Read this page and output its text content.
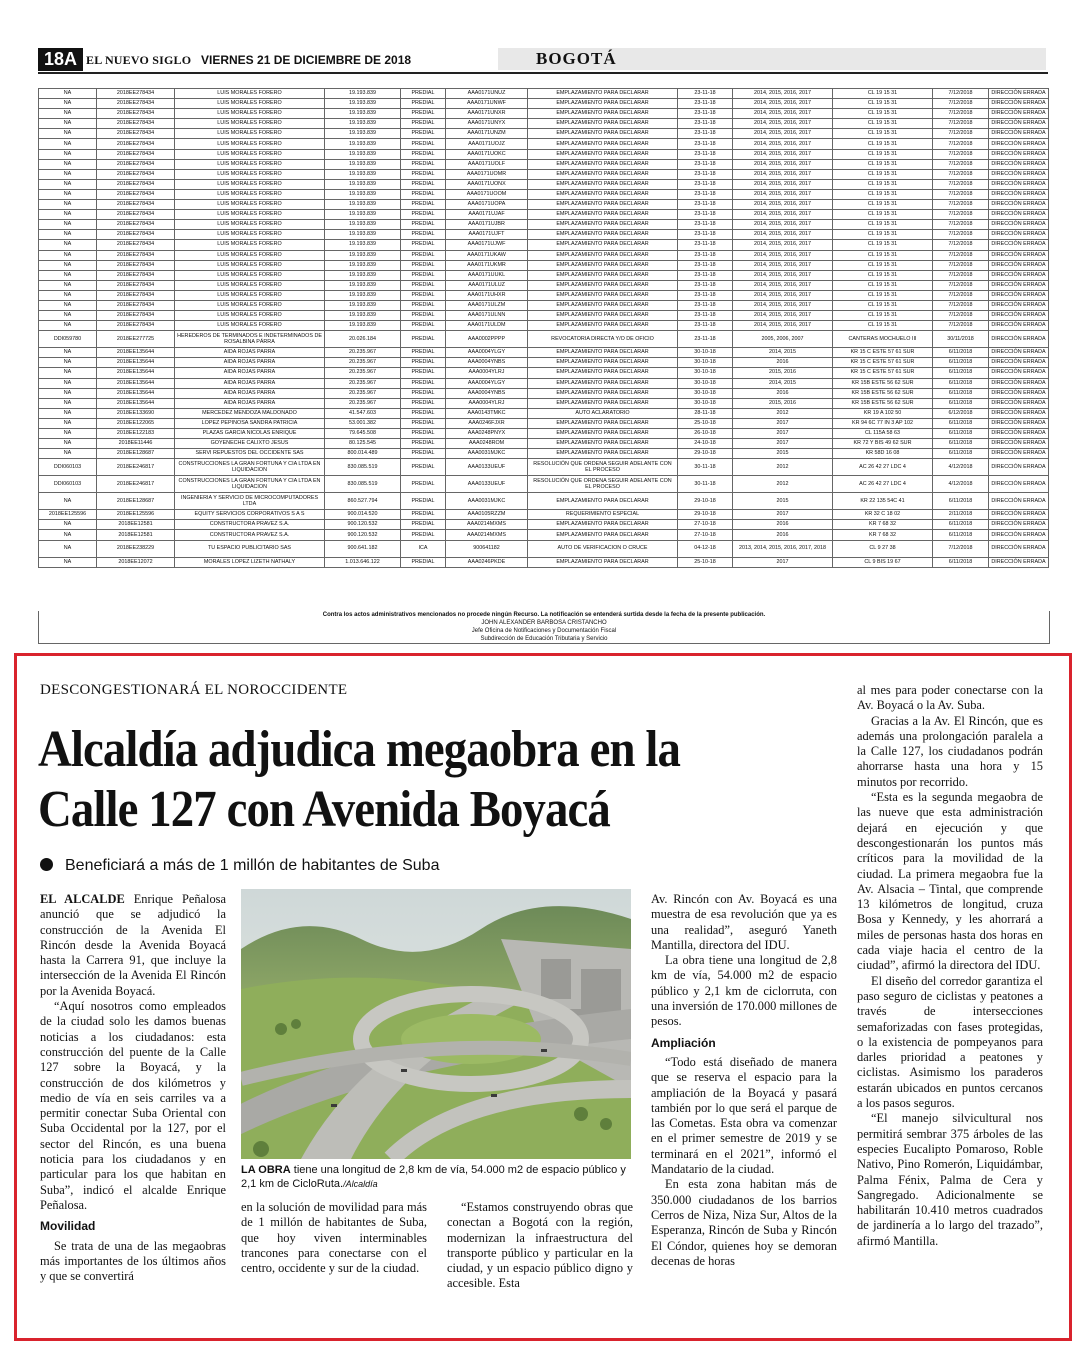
18A EL NUEVO SIGLO VIERNES 21 DE DICIEMBRE DE 2018	BOGOTÁ
NA	2018EE278434	LUIS MORALES FORERO	19.193.839	PREDIAL	AAA0171UNUZ	EMPLAZAMIENTO PARA DECLARAR	23-11-18	2014, 2015, 2016, 2017	CL 19 15 31	7/12/2018	DIRECCIÓN ERRADA
NA	2018EE278434	LUIS MORALES FORERO	19.193.839	PREDIAL	AAA0171UNWF	EMPLAZAMIENTO PARA DECLARAR	23-11-18	2014, 2015, 2016, 2017	CL 19 15 31	7/12/2018	DIRECCIÓN ERRADA
NA	2018EE278434	LUIS MORALES FORERO	19.193.839	PREDIAL	AAA0171UNXR	EMPLAZAMIENTO PARA DECLARAR	23-11-18	2014, 2015, 2016, 2017	CL 19 15 31	7/12/2018	DIRECCIÓN ERRADA
NA	2018EE278434	LUIS MORALES FORERO	19.193.839	PREDIAL	AAA0171UNYX	EMPLAZAMIENTO PARA DECLARAR	23-11-18	2014, 2015, 2016, 2017	CL 19 15 31	7/12/2018	DIRECCIÓN ERRADA
NA	2018EE278434	LUIS MORALES FORERO	19.193.839	PREDIAL	AAA0171UNZM	EMPLAZAMIENTO PARA DECLARAR	23-11-18	2014, 2015, 2016, 2017	CL 19 15 31	7/12/2018	DIRECCIÓN ERRADA
NA	2018EE278434	LUIS MORALES FORERO	19.193.839	PREDIAL	AAA0171UOJZ	EMPLAZAMIENTO PARA DECLARAR	23-11-18	2014, 2015, 2016, 2017	CL 19 15 31	7/12/2018	DIRECCIÓN ERRADA
NA	2018EE278434	LUIS MORALES FORERO	19.193.839	PREDIAL	AAA0171UOKC	EMPLAZAMIENTO PARA DECLARAR	23-11-18	2014, 2015, 2016, 2017	CL 19 15 31	7/12/2018	DIRECCIÓN ERRADA
NA	2018EE278434	LUIS MORALES FORERO	19.193.839	PREDIAL	AAA0171UOLF	EMPLAZAMIENTO PARA DECLARAR	23-11-18	2014, 2015, 2016, 2017	CL 19 15 31	7/12/2018	DIRECCIÓN ERRADA
NA	2018EE278434	LUIS MORALES FORERO	19.193.839	PREDIAL	AAA0171UOMR	EMPLAZAMIENTO PARA DECLARAR	23-11-18	2014, 2015, 2016, 2017	CL 19 15 31	7/12/2018	DIRECCIÓN ERRADA
NA	2018EE278434	LUIS MORALES FORERO	19.193.839	PREDIAL	AAA0171UONX	EMPLAZAMIENTO PARA DECLARAR	23-11-18	2014, 2015, 2016, 2017	CL 19 15 31	7/12/2018	DIRECCIÓN ERRADA
NA	2018EE278434	LUIS MORALES FORERO	19.193.839	PREDIAL	AAA0171UOOM	EMPLAZAMIENTO PARA DECLARAR	23-11-18	2014, 2015, 2016, 2017	CL 19 15 31	7/12/2018	DIRECCIÓN ERRADA
NA	2018EE278434	LUIS MORALES FORERO	19.193.839	PREDIAL	AAA0171UOPA	EMPLAZAMIENTO PARA DECLARAR	23-11-18	2014, 2015, 2016, 2017	CL 19 15 31	7/12/2018	DIRECCIÓN ERRADA
NA	2018EE278434	LUIS MORALES FORERO	19.193.839	PREDIAL	AAA0171UJAF	EMPLAZAMIENTO PARA DECLARAR	23-11-18	2014, 2015, 2016, 2017	CL 19 15 31	7/12/2018	DIRECCIÓN ERRADA
NA	2018EE278434	LUIS MORALES FORERO	19.193.839	PREDIAL	AAA0171UJBR	EMPLAZAMIENTO PARA DECLARAR	23-11-18	2014, 2015, 2016, 2017	CL 19 15 31	7/12/2018	DIRECCIÓN ERRADA
NA	2018EE278434	LUIS MORALES FORERO	19.193.839	PREDIAL	AAA0171UJFT	EMPLAZAMIENTO PARA DECLARAR	23-11-18	2014, 2015, 2016, 2017	CL 19 15 31	7/12/2018	DIRECCIÓN ERRADA
NA	2018EE278434	LUIS MORALES FORERO	19.193.839	PREDIAL	AAA0171UJWF	EMPLAZAMIENTO PARA DECLARAR	23-11-18	2014, 2015, 2016, 2017	CL 19 15 31	7/12/2018	DIRECCIÓN ERRADA
NA	2018EE278434	LUIS MORALES FORERO	19.193.839	PREDIAL	AAA0171UKAW	EMPLAZAMIENTO PARA DECLARAR	23-11-18	2014, 2015, 2016, 2017	CL 19 15 31	7/12/2018	DIRECCIÓN ERRADA
NA	2018EE278434	LUIS MORALES FORERO	19.193.839	PREDIAL	AAA0171UKMR	EMPLAZAMIENTO PARA DECLARAR	23-11-18	2014, 2015, 2016, 2017	CL 19 15 31	7/12/2018	DIRECCIÓN ERRADA
NA	2018EE278434	LUIS MORALES FORERO	19.193.839	PREDIAL	AAA0171UUKL	EMPLAZAMIENTO PARA DECLARAR	23-11-18	2014, 2015, 2016, 2017	CL 19 15 31	7/12/2018	DIRECCIÓN ERRADA
NA	2018EE278434	LUIS MORALES FORERO	19.193.839	PREDIAL	AAA0171ULUZ	EMPLAZAMIENTO PARA DECLARAR	23-11-18	2014, 2015, 2016, 2017	CL 19 15 31	7/12/2018	DIRECCIÓN ERRADA
NA	2018EE278434	LUIS MORALES FORERO	19.193.839	PREDIAL	AAA0171UHXR	EMPLAZAMIENTO PARA DECLARAR	23-11-18	2014, 2015, 2016, 2017	CL 19 15 31	7/12/2018	DIRECCIÓN ERRADA
NA	2018EE278434	LUIS MORALES FORERO	19.193.839	PREDIAL	AAA0171ULZM	EMPLAZAMIENTO PARA DECLARAR	23-11-18	2014, 2015, 2016, 2017	CL 19 15 31	7/12/2018	DIRECCIÓN ERRADA
NA	2018EE278434	LUIS MORALES FORERO	19.193.839	PREDIAL	AAA0171ULNN	EMPLAZAMIENTO PARA DECLARAR	23-11-18	2014, 2015, 2016, 2017	CL 19 15 31	7/12/2018	DIRECCIÓN ERRADA
NA	2018EE278434	LUIS MORALES FORERO	19.193.839	PREDIAL	AAA0171ULDM	EMPLAZAMIENTO PARA DECLARAR	23-11-18	2014, 2015, 2016, 2017	CL 19 15 31	7/12/2018	DIRECCIÓN ERRADA
DDI059780	2018EE277725	HEREDEROS DE TERMINADOS E INDETERMINADOS DE ROSALBINA PÁRRA	20.026.184	PREDIAL	AAA0002PPPP	REVOCATORIA DIRECTA Y/O DE OFICIO	23-11-18	2005, 2006, 2007	CANTERAS MOCHUELO III	30/11/2018	DIRECCIÓN ERRADA
NA	2018EE135644	AIDA ROJAS PARRA	20.235.967	PREDIAL	AAA0004YLGY	EMPLAZAMIENTO PARA DECLARAR	30-10-18	2014, 2015	KR 15 C ESTE 57 61 SUR	6/11/2018	DIRECCIÓN ERRADA
NA	2018EE135644	AIDA ROJAS PARRA	20.235.967	PREDIAL	AAA0004YNBS	EMPLAZAMIENTO PARA DECLARAR	30-10-18	2016	KR 15 C ESTE 57 61 SUR	6/11/2018	DIRECCIÓN ERRADA
NA	2018EE135644	AIDA ROJAS PARRA	20.235.967	PREDIAL	AAA0004YLRJ	EMPLAZAMIENTO PARA DECLARAR	30-10-18	2015, 2016	KR 15 C ESTE 57 61 SUR	6/11/2018	DIRECCIÓN ERRADA
NA	2018EE135644	AIDA ROJAS PARRA	20.235.967	PREDIAL	AAA0004YLGY	EMPLAZAMIENTO PARA DECLARAR	30-10-18	2014, 2015	KR 15B ESTE 56 62 SUR	6/11/2018	DIRECCIÓN ERRADA
NA	2018EE135644	AIDA ROJAS PARRA	20.235.967	PREDIAL	AAA0004YNBS	EMPLAZAMIENTO PARA DECLARAR	30-10-18	2016	KR 15B ESTE 56 62 SUR	6/11/2018	DIRECCIÓN ERRADA
NA	2018EE135644	AIDA ROJAS PARRA	20.235.967	PREDIAL	AAA0004YLRJ	EMPLAZAMIENTO PARA DECLARAR	30-10-18	2015, 2016	KR 15B ESTE 56 62 SUR	6/11/2018	DIRECCIÓN ERRADA
NA	2018EE133690	MERCEDEZ MENDOZA MALDONADO	41.547.603	PREDIAL	AAA0143TMKC	AUTO ACLARATORIO	28-11-18	2012	KR 19 A 102 50	6/12/2018	DIRECCIÓN ERRADA
NA	2018EE122065	LOPEZ PEPINOSA SANDRA PATRICIA	53.001.382	PREDIAL	AAA0246FJXR	EMPLAZAMIENTO PARA DECLARAR	25-10-18	2017	KR 94 6C 77 IN 3 AP 102	6/11/2018	DIRECCIÓN ERRADA
NA	2018EE122183	PLAZAS GARCIA NICOLAS ENRIQUE	79.645.508	PREDIAL	AAA0248PNYX	EMPLAZAMIENTO PARA DECLARAR	26-10-18	2017	CL 115A 58 63	6/11/2018	DIRECCIÓN ERRADA
NA	2018EE11446	GOYENECHE CALIXTO JESUS	80.125.545	PREDIAL	AAA0248ROM	EMPLAZAMIENTO PARA DECLARAR	24-10-18	2017	KR 72 Y BIS 49 62 SUR	6/11/2018	DIRECCIÓN ERRADA
NA	2018EE128687	SERVI REPUESTOS DEL OCCIDENTE SAS	800.014.489	PREDIAL	AAA0031MJKC	EMPLAZAMIENTO PARA DECLARAR	29-10-18	2015	KR 58D 16 08	6/11/2018	DIRECCIÓN ERRADA
DDI060103	2018EE246817	CONSTRUCCIONES LA GRAN FORTUNA Y CIA LTDA EN LIQUIDACION	830.085.519	PREDIAL	AAA0133UEUF	RESOLUCIÓN QUE ORDENA SEGUIR ADELANTE CON EL PROCESO	30-11-18	2012	AC 26 42 27 LDC 4	4/12/2018	DIRECCIÓN ERRADA
DDI060103	2018EE246817	CONSTRUCCIONES LA GRAN FORTUNA Y CIA LTDA EN LIQUIDACION	830.085.519	PREDIAL	AAA0133UEUF	RESOLUCIÓN QUE ORDENA SEGUIR ADELANTE CON EL PROCESO	30-11-18	2012	AC 26 42 27 LDC 4	4/12/2018	DIRECCIÓN ERRADA
NA	2018EE128687	INGENIERIA Y SERVICIO DE MICROCOMPUTADORES LTDA	860.527.794	PREDIAL	AAA0031MJKC	EMPLAZAMIENTO PARA DECLARAR	29-10-18	2015	KR 22 135 54C 41	6/11/2018	DIRECCIÓN ERRADA
2018EE125596	2018EE125596	EQUITY SERVICIOS CORPORATIVOS S A S	900.014.520	PREDIAL	AAA0105RZZM	REQUERIMIENTO ESPECIAL	29-10-18	2017	KR 32 C 18 02	2/11/2018	DIRECCIÓN ERRADA
NA	2018EE12581	CONSTRUCTORA PRAVEZ S.A.	900.120.532	PREDIAL	AAA0214MXMS	EMPLAZAMIENTO PARA DECLARAR	27-10-18	2016	KR 7 68 32	6/11/2018	DIRECCIÓN ERRADA
NA	2018EE12581	CONSTRUCTORA PRAVEZ S.A.	900.120.532	PREDIAL	AAA0214MXMS	EMPLAZAMIENTO PARA DECLARAR	27-10-18	2016	KR 7 68 32	6/11/2018	DIRECCIÓN ERRADA
NA	2018EE238229	TU ESPACIO PUBLICITARIO SAS	900.641.182	ICA	900641182	AUTO DE VERIFICACION O CRUCE	04-12-18	2013, 2014, 2015, 2016, 2017, 2018	CL 9 27 38	7/12/2018	DIRECCIÓN ERRADA
NA	2018EE12072	MORALES LOPEZ LIZETH NATHALY	1.013.646.122	PREDIAL	AAA0246PKDE	EMPLAZAMIENTO PARA DECLARAR	25-10-18	2017	CL 9 BIS 19 67	6/11/2018	DIRECCIÓN ERRADA
Contra los actos administrativos mencionados no procede ningún Recurso. La notificación se entenderá surtida desde la fecha de la presente publicación.
JOHN ALEXANDER BARBOSA CRISTANCHO
Jefe Oficina de Notificaciones y Documentación Fiscal
Subdirección de Educación Tributaria y Servicio
DESCONGESTIONARÁ EL NOROCCIDENTE
Alcaldía adjudica megaobra en la Calle 127 con Avenida Boyacá
Beneficiará a más de 1 millón de habitantes de Suba

EL ALCALDE Enrique Peñalosa anunció que se adjudicó la construcción de la Avenida El Rincón desde la Avenida Boyacá hasta la Carrera 91, que incluye la intersección de la Avenida El Rincón por la Avenida Boyacá.

“Aquí nosotros como empleados de la ciudad solo les damos buenas noticias a los ciudadanos: esta construcción del puente de la Calle 127 sobre la Boyacá, y la construcción de dos kilómetros y medio de vía en seis carriles va a permitir conectar Suba Oriental con Suba Occidental por la 127, por el sector del Rincón, es una buena noticia para los ciudadanos y en particular para los que habitan en Suba”, indicó el alcalde Enrique Peñalosa.

Movilidad

Se trata de una de las megaobras más importantes de los últimos años y que se convertirá

LA OBRA tiene una longitud de 2,8 km de vía, 54.000 m2 de espacio público y 2,1 km de CicloRuta./Alcaldía

en la solución de movilidad para más de 1 millón de habitantes de Suba, que hoy viven interminables trancones para conectarse con el centro, occidente y sur de la ciudad.

“Estamos construyendo obras que conectan a Bogotá con la región, modernizan la infraestructura del transporte público y particular en la ciudad, y un espacio público digno y accesible. Esta

Av. Rincón con Av. Boyacá es una muestra de esa revolución que ya es una realidad”, aseguró Yaneth Mantilla, directora del IDU.

La obra tiene una longitud de 2,8 km de vía, 54.000 m2 de espacio público y 2,1 km de ciclorruta, con una inversión de 170.000 millones de pesos.

Ampliación

“Todo está diseñado de manera que se reserva el espacio para la ampliación de la Boyacá y pasará también por lo que será el parque de las Cometas. Esta obra va comenzar en el primer semestre de 2019 y se terminará en el 2021”, informó el Mandatario de la ciudad.

En esta zona habitan más de 350.000 ciudadanos de los barrios Cerros de Niza, Niza Sur, Altos de la Esperanza, Rincón de Suba y Rincón El Cóndor, quienes hoy se demoran decenas de horas

al mes para poder conectarse con la Av. Boyacá o la Av. Suba.

Gracias a la Av. El Rincón, que es además una prolongación paralela a la Calle 127, los ciudadanos podrán ahorrarse hasta una hora y 15 minutos por recorrido.

“Esta es la segunda megaobra de las nueve que esta administración dejará en ejecución y que descongestionarán los puntos más críticos para la movilidad de la ciudad. La primera megaobra fue la Av. Alsacia – Tintal, que comprende 13 kilómetros de longitud, cruza Bosa y Kennedy, y les ahorrará a miles de personas hasta dos horas en cada viaje hacia el centro de la ciudad”, afirmó la directora del IDU.

El diseño del corredor garantiza el paso seguro de ciclistas y peatones a través de intersecciones semaforizadas con fases protegidas, o la existencia de pompeyanos para darles prioridad a peatones y ciclistas. Asimismo los paraderos estarán ubicados en puntos cercanos a los pasos seguros.

“El manejo silvicultural nos permitirá sembrar 375 árboles de las especies Eucalipto Pomaroso, Roble Nativo, Pino Romerón, Liquidámbar, Palma Fénix, Palma de Cera y Sangregado. Adicionalmente se habilitarán 10.410 metros cuadrados de jardinería a lo largo del trazado”, afirmó Mantilla.
